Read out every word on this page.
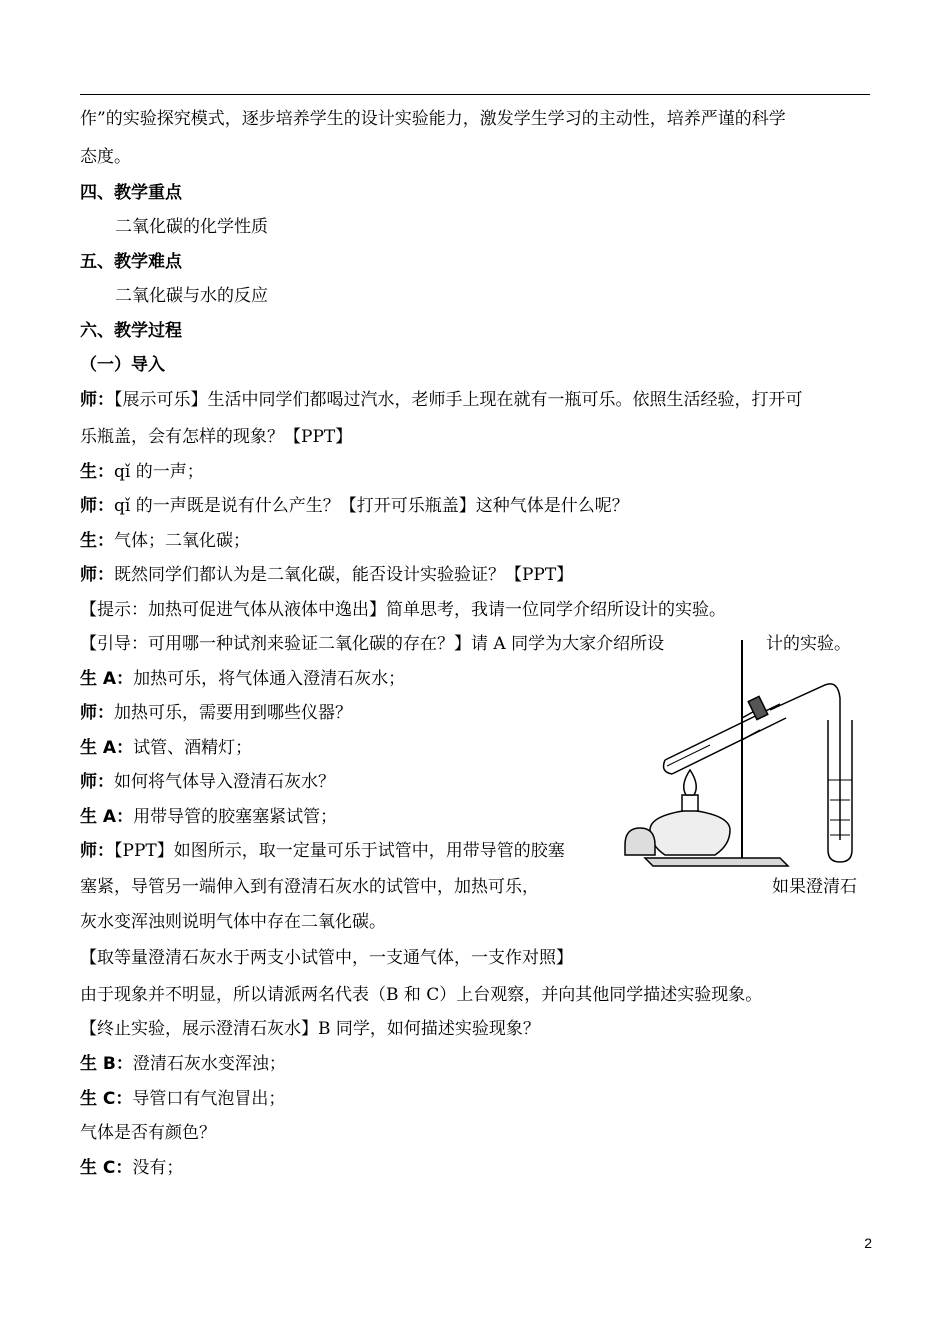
作”的实验探究模式，逐步培养学生的设计实验能力，激发学生学习的主动性，培养严谨的科学
态度。
四、教学重点
二氧化碳的化学性质
五、教学难点
二氧化碳与水的反应
六、教学过程
（一）导入
师：【展示可乐】生活中同学们都喝过汽水，老师手上现在就有一瓶可乐。依照生活经验，打开可
乐瓶盖，会有怎样的现象？【PPT】
生：qǐ 的一声；
师：qǐ 的一声既是说有什么产生？【打开可乐瓶盖】这种气体是什么呢？
生：气体；二氧化碳；
师：既然同学们都认为是二氧化碳，能否设计实验验证？【PPT】
【提示：加热可促进气体从液体中逸出】简单思考，我请一位同学介绍所设计的实验。
【引导：可用哪一种试剂来验证二氧化碳的存在？】请 A 同学为大家介绍所设	计的实验。
生 A：加热可乐，将气体通入澄清石灰水；
师：加热可乐，需要用到哪些仪器？
生 A：试管、酒精灯；
师：如何将气体导入澄清石灰水？
生 A：用带导管的胶塞塞紧试管；
师：【PPT】如图所示，取一定量可乐于试管中，用带导管的胶塞
塞紧，导管另一端伸入到有澄清石灰水的试管中，加热可乐，	如果澄清石
灰水变浑浊则说明气体中存在二氧化碳。
【取等量澄清石灰水于两支小试管中，一支通气体，一支作对照】
由于现象并不明显，所以请派两名代表（B 和 C）上台观察，并向其他同学描述实验现象。
【终止实验，展示澄清石灰水】B 同学，如何描述实验现象？
生 B：澄清石灰水变浑浊；
生 C：导管口有气泡冒出；
气体是否有颜色？
生 C：没有；
2
